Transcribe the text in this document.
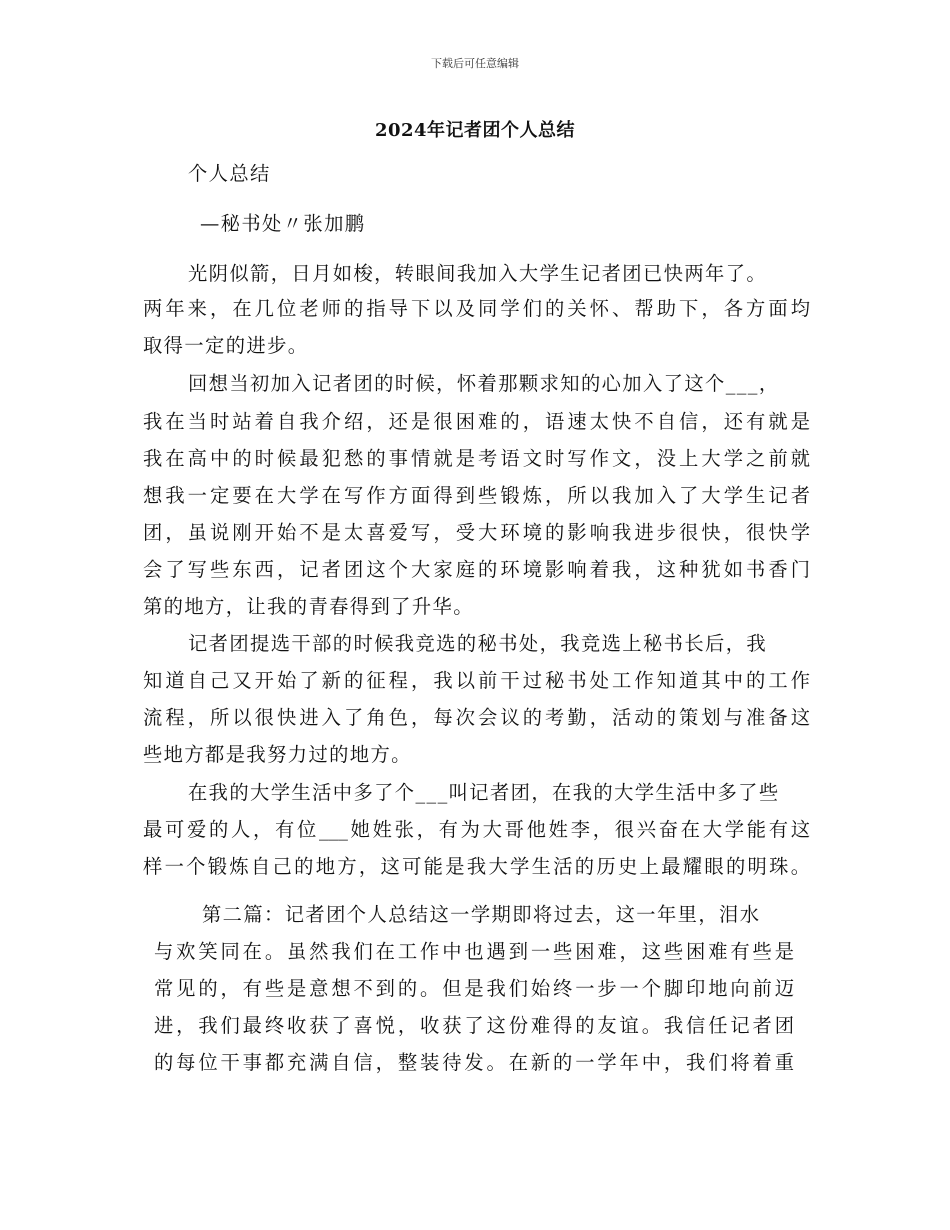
下载后可任意编辑
2024年记者团个人总结
个人总结
—秘书处〃张加鹏
光阴似箭，日月如梭，转眼间我加入大学生记者团已快两年了。
两年来，在几位老师的指导下以及同学们的关怀、帮助下，各方面均
取得一定的进步。
回想当初加入记者团的时候，怀着那颗求知的心加入了这个___，
我在当时站着自我介绍，还是很困难的，语速太快不自信，还有就是
我在高中的时候最犯愁的事情就是考语文时写作文，没上大学之前就
想我一定要在大学在写作方面得到些锻炼，所以我加入了大学生记者
团，虽说刚开始不是太喜爱写，受大环境的影响我进步很快，很快学
会了写些东西，记者团这个大家庭的环境影响着我，这种犹如书香门
第的地方，让我的青春得到了升华。
记者团提选干部的时候我竞选的秘书处，我竞选上秘书长后，我
知道自己又开始了新的征程，我以前干过秘书处工作知道其中的工作
流程，所以很快进入了角色，每次会议的考勤，活动的策划与准备这
些地方都是我努力过的地方。
在我的大学生活中多了个___叫记者团，在我的大学生活中多了些
最可爱的人，有位___她姓张，有为大哥他姓李，很兴奋在大学能有这
样一个锻炼自己的地方，这可能是我大学生活的历史上最耀眼的明珠。
第二篇：记者团个人总结这一学期即将过去，这一年里，泪水
与欢笑同在。虽然我们在工作中也遇到一些困难，这些困难有些是
常见的，有些是意想不到的。但是我们始终一步一个脚印地向前迈
进，我们最终收获了喜悦，收获了这份难得的友谊。我信任记者团
的每位干事都充满自信，整装待发。在新的一学年中，我们将着重
